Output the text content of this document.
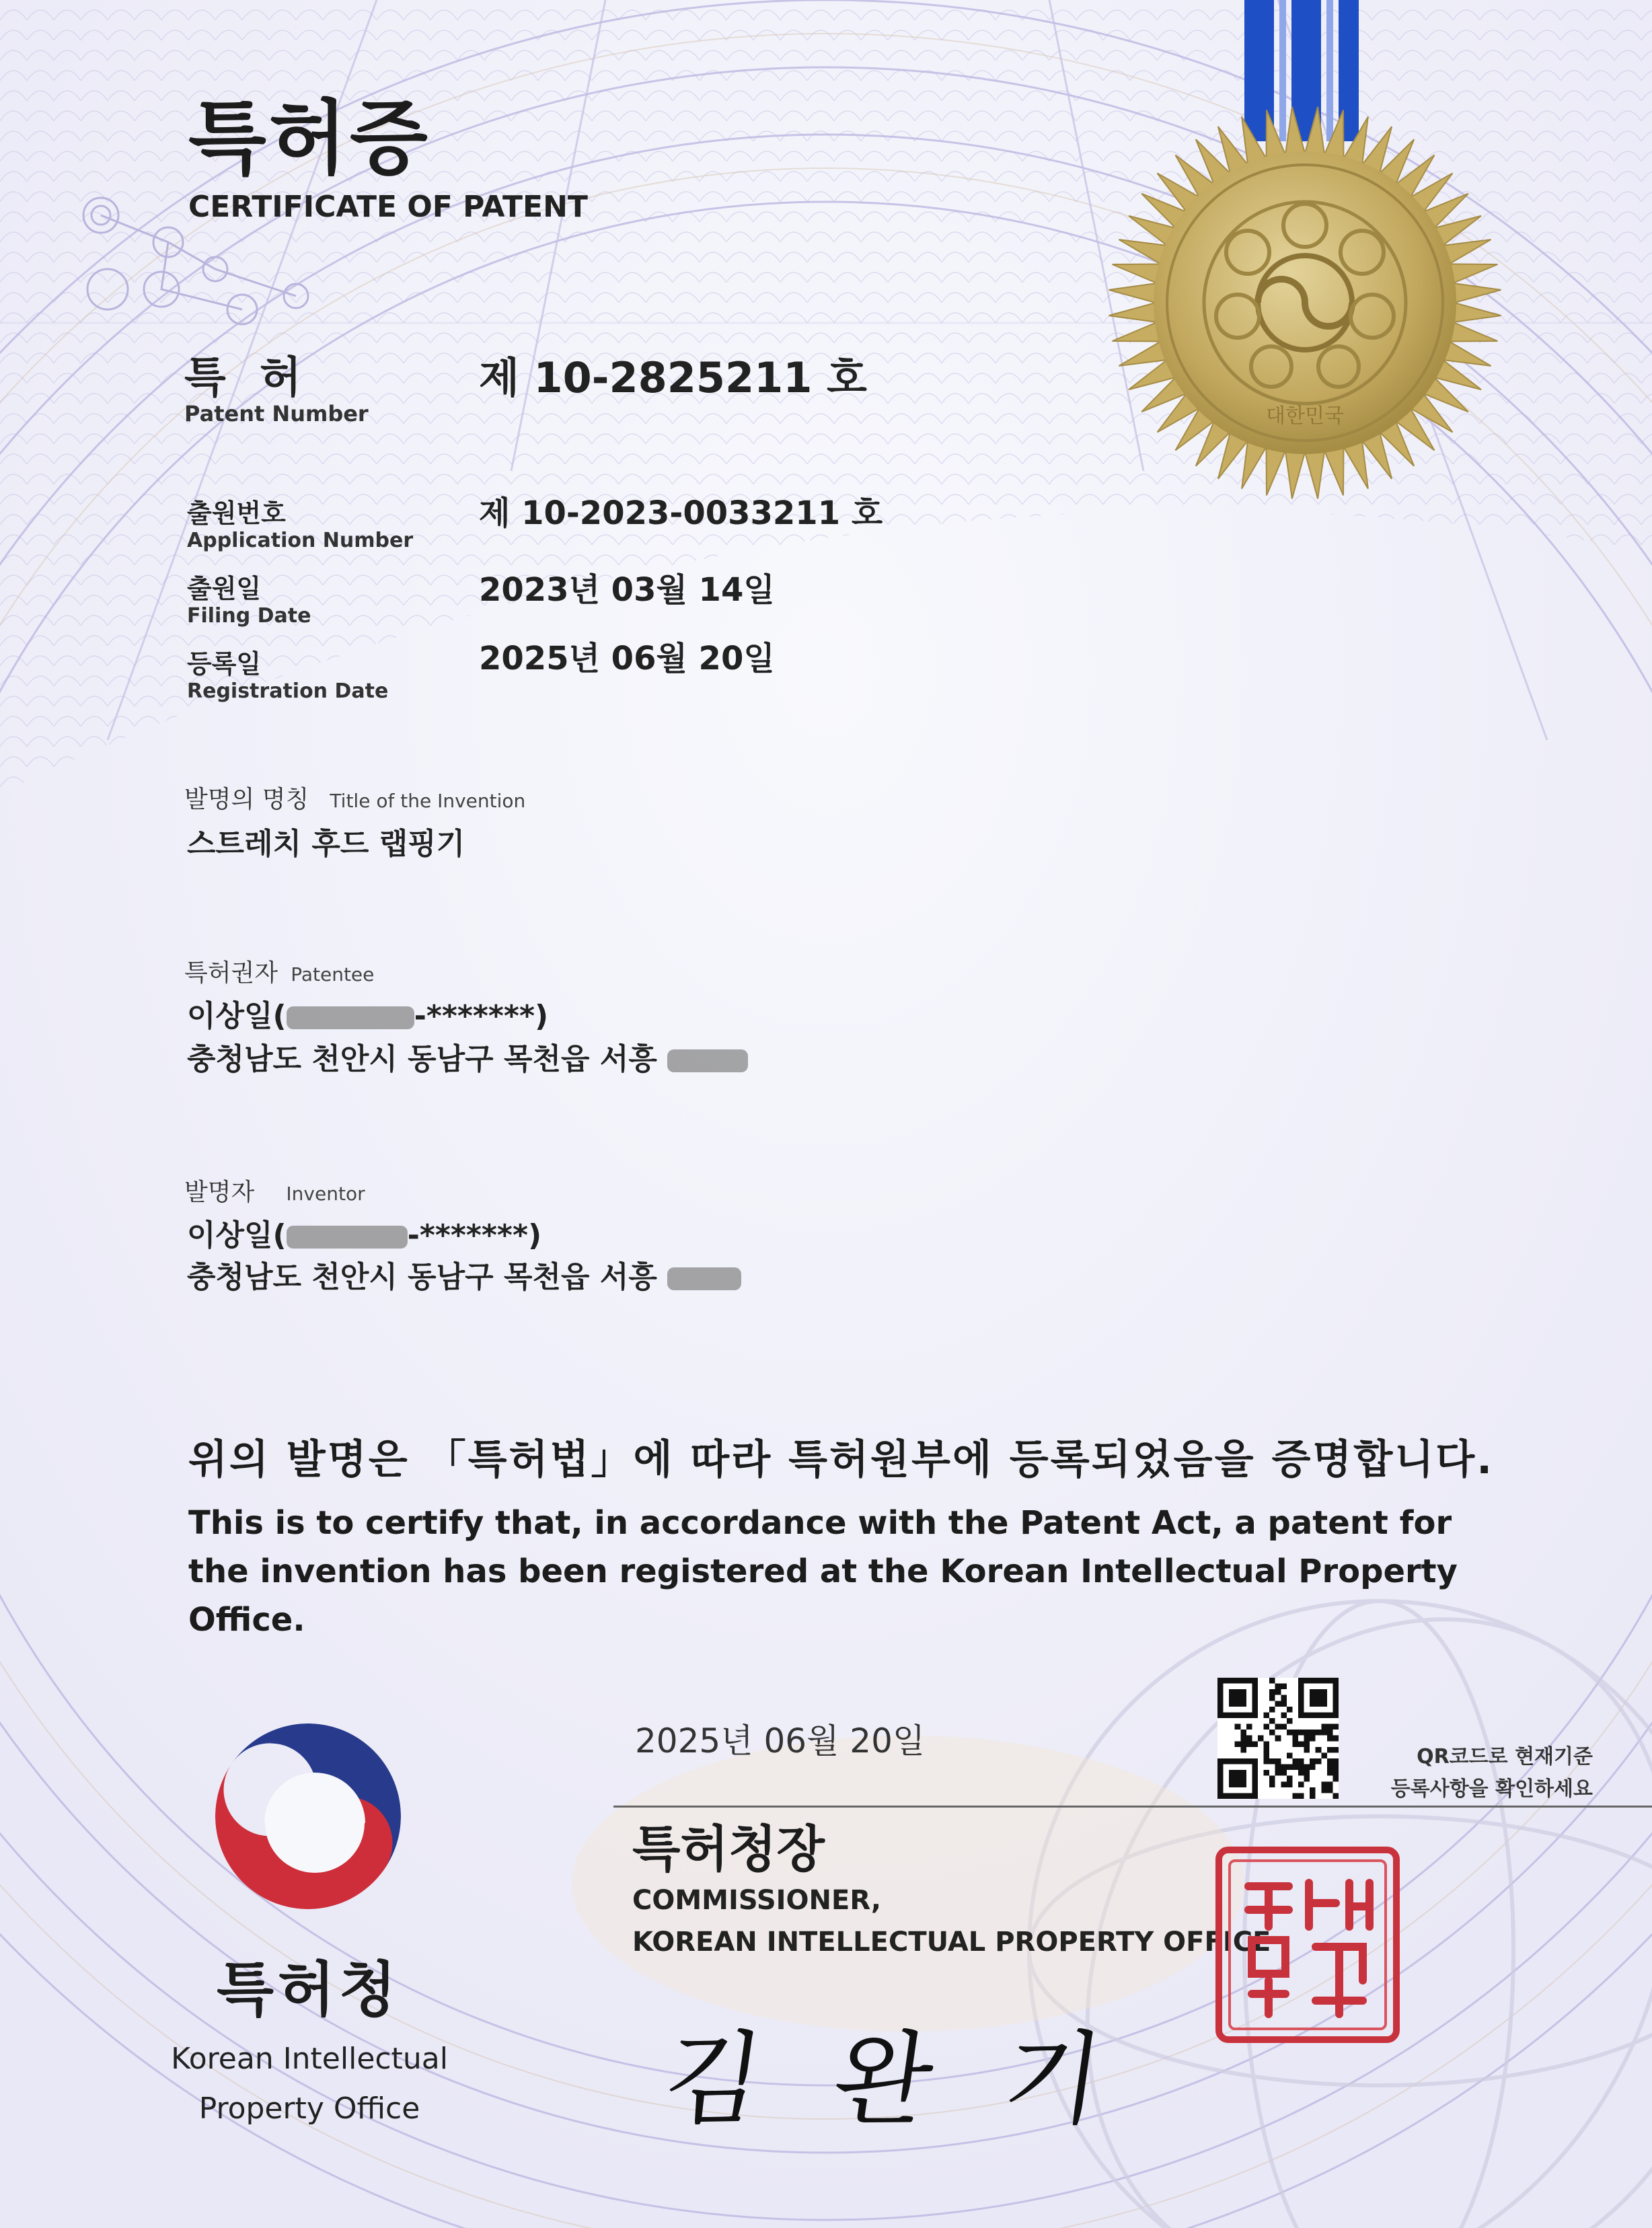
대한민국
특허증
CERTIFICATE OF PATENT
특 허
Patent Number
제 10-2825211 호
출원번호
Application Number
제 10-2023-0033211 호
출원일
Filing Date
2023년 03월 14일
등록일
Registration Date
2025년 06월 20일
발명의 명칭 Title of the Invention
스트레치 후드 랩핑기
특허권자 Patentee
이상일(	-*******)
충청남도 천안시 동남구 목천읍 서흥
발명자 Inventor
이상일(	-*******)
충청남도 천안시 동남구 목천읍 서흥
위의 발명은 「특허법」에 따라 특허원부에 등록되었음을 증명합니다.
This is to certify that, in accordance with the Patent Act, a patent for the invention has been registered at the Korean Intellectual Property Office.
2025년 06월 20일	QR코드로 현재기준
등록사항을 확인하세요
특허청장
COMMISSIONER,
KOREAN INTELLECTUAL PROPERTY OFFICE
김 완 기
특허청
Korean Intellectual
Property Office
